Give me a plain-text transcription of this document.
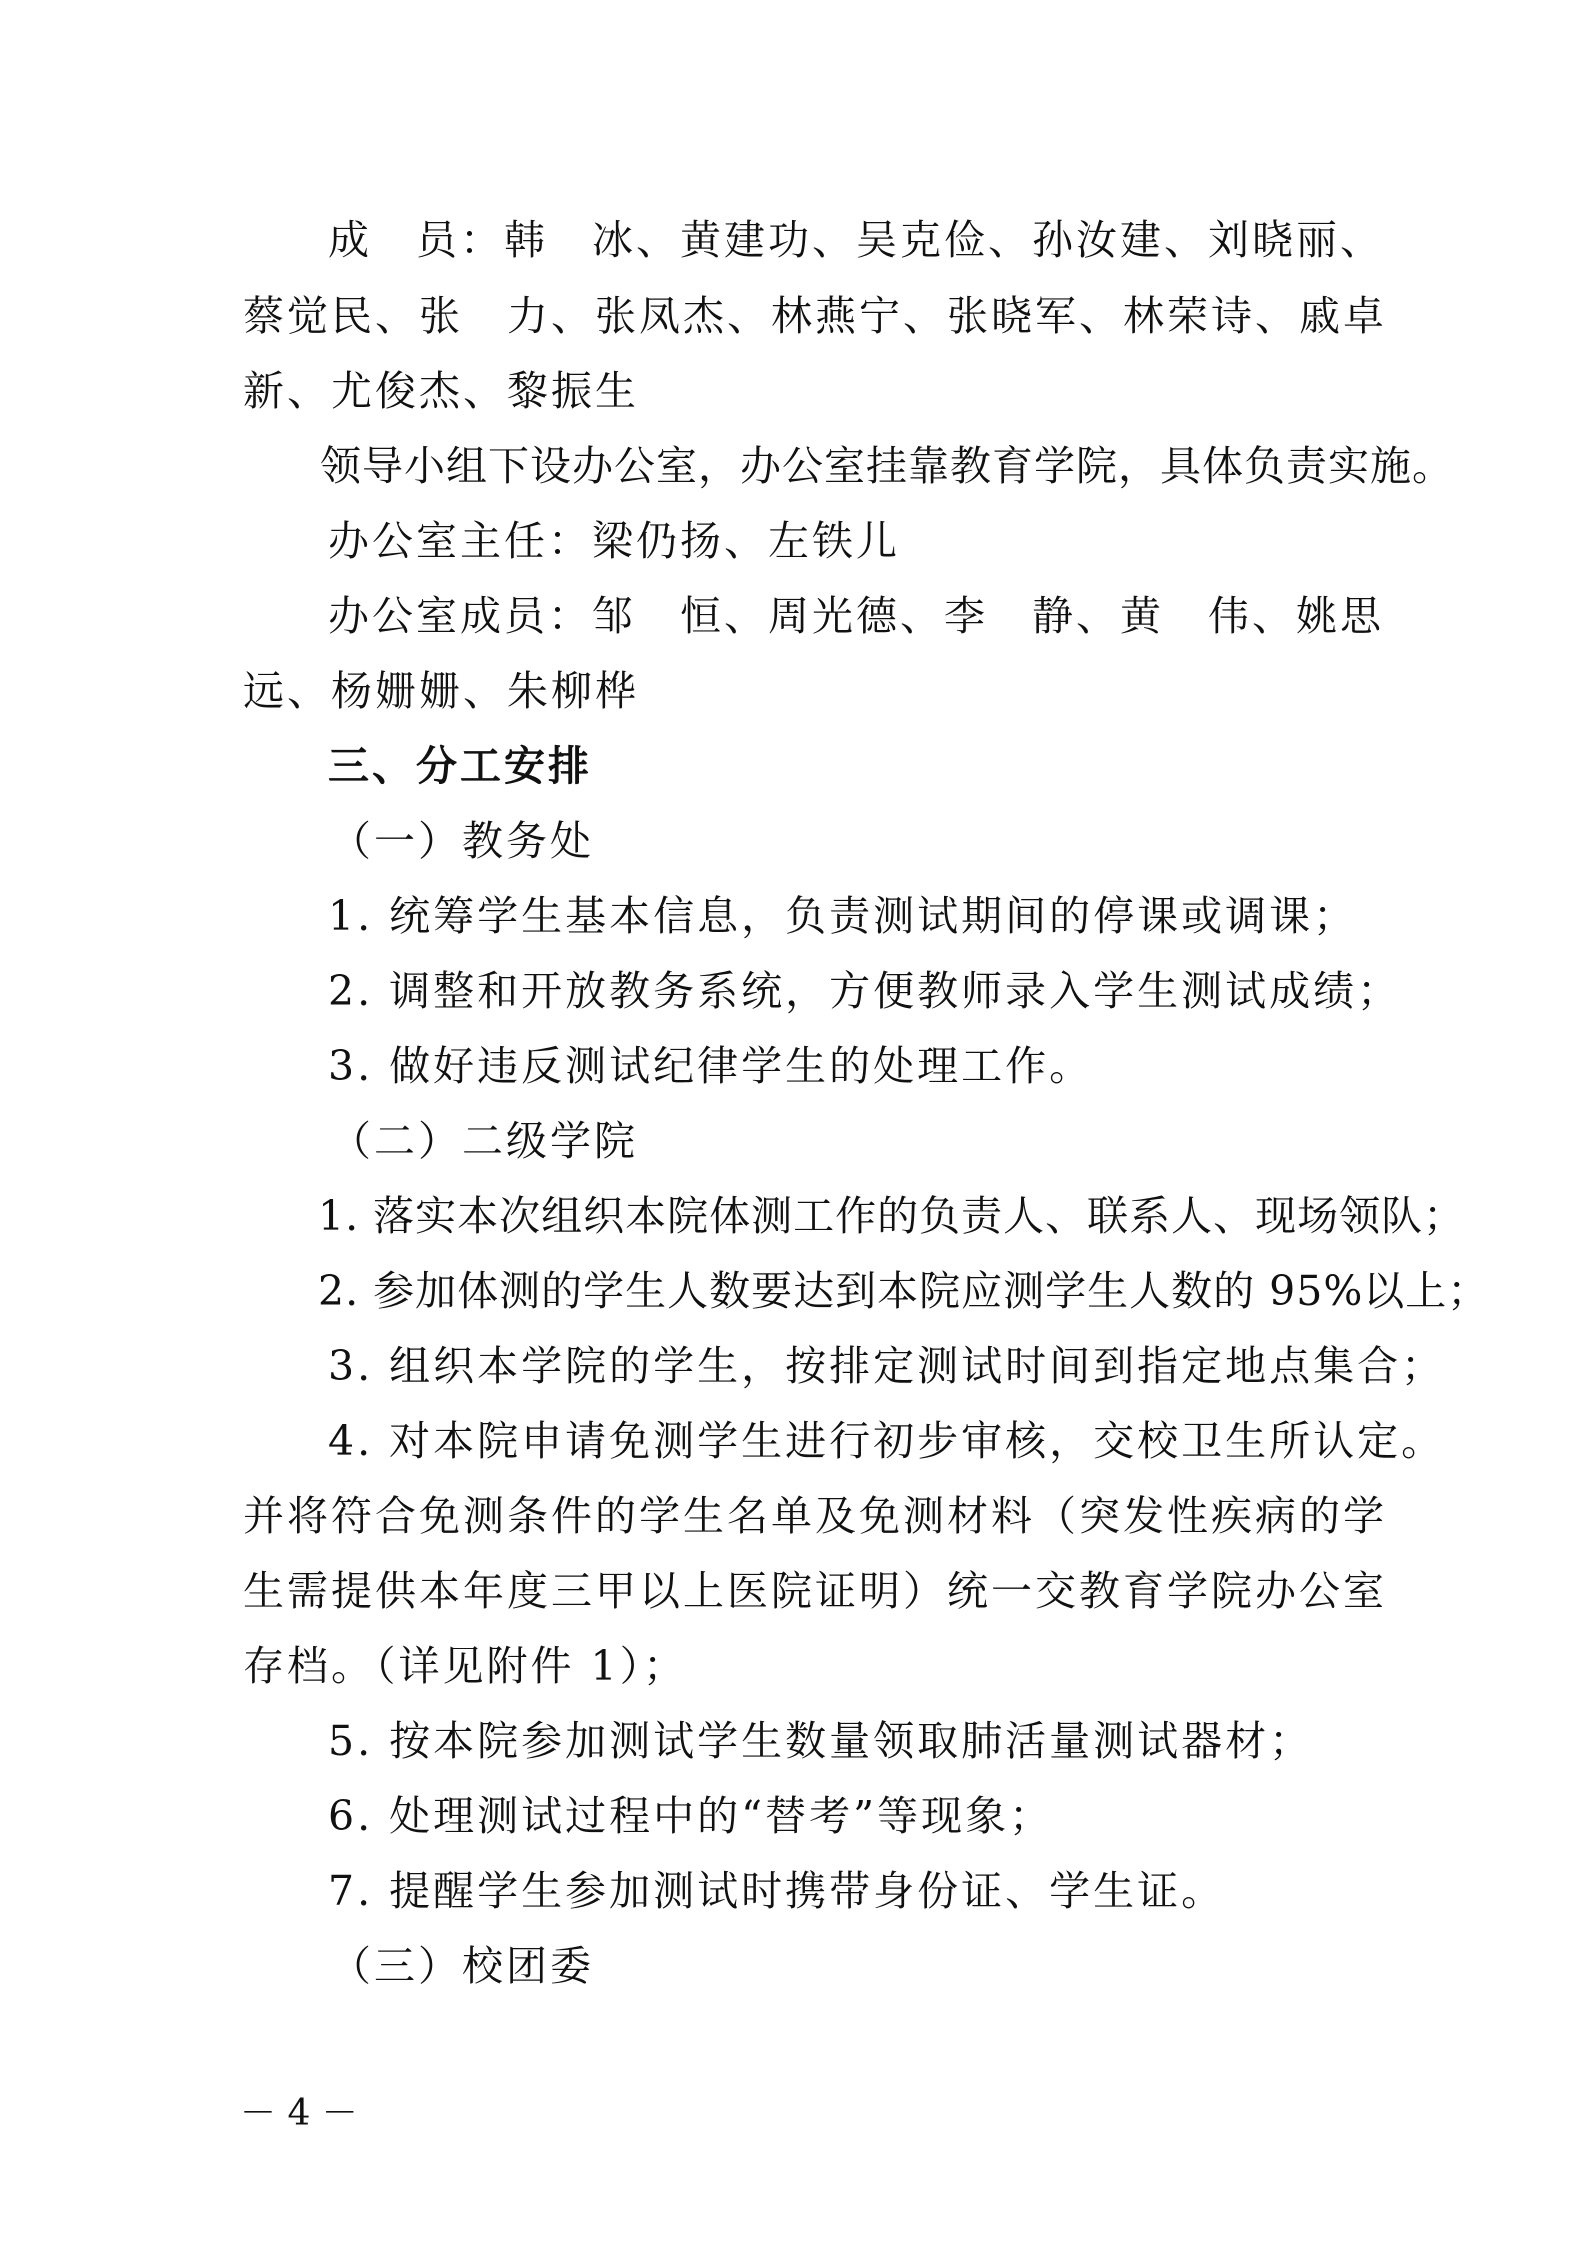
成　员：韩　冰、黄建功、吴克俭、孙汝建、刘晓丽、
蔡觉民、张　力、张凤杰、林燕宁、张晓军、林荣诗、戚卓
新、尤俊杰、黎振生
领导小组下设办公室，办公室挂靠教育学院，具体负责实施。
办公室主任：梁仍扬、左铁儿
办公室成员：邹　恒、周光德、李　静、黄　伟、姚思
远、杨姗姗、朱柳桦
三、分工安排
（一）教务处
1. 统筹学生基本信息，负责测试期间的停课或调课；
2. 调整和开放教务系统，方便教师录入学生测试成绩；
3. 做好违反测试纪律学生的处理工作。
（二）二级学院
1. 落实本次组织本院体测工作的负责人、联系人、现场领队；
2. 参加体测的学生人数要达到本院应测学生人数的 95%以上；
3. 组织本学院的学生，按排定测试时间到指定地点集合；
4. 对本院申请免测学生进行初步审核，交校卫生所认定。
并将符合免测条件的学生名单及免测材料（突发性疾病的学
生需提供本年度三甲以上医院证明）统一交教育学院办公室
存档。（详见附件 1）；
5. 按本院参加测试学生数量领取肺活量测试器材；
6. 处理测试过程中的“替考”等现象；
7. 提醒学生参加测试时携带身份证、学生证。
（三）校团委
－ 4 －
